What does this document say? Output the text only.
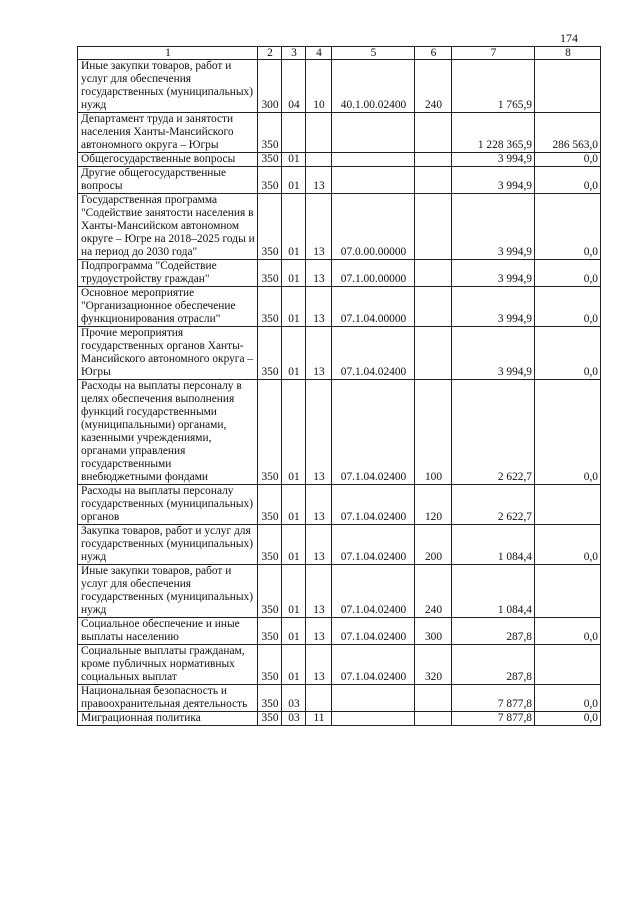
174
1	2	3	4	5	6	7	8
Иные закупки товаров, работ и услуг для обеспечения государственных (муниципальных) нужд	300	04	10	40.1.00.02400	240	1 765,9	
Департамент труда и занятости населения Ханты-Мансийского автономного округа – Югры	350					1 228 365,9	286 563,0
Общегосударственные вопросы	350	01				3 994,9	0,0
Другие общегосударственные вопросы	350	01	13			3 994,9	0,0
Государственная программа "Содействие занятости населения в Ханты-Мансийском автономном округе – Югре на 2018–2025 годы и на период до 2030 года"	350	01	13	07.0.00.00000		3 994,9	0,0
Подпрограмма "Содействие трудоустройству граждан"	350	01	13	07.1.00.00000		3 994,9	0,0
Основное мероприятие "Организационное обеспечение функционирования отрасли"	350	01	13	07.1.04.00000		3 994,9	0,0
Прочие мероприятия государственных органов Ханты-Мансийского автономного округа – Югры	350	01	13	07.1.04.02400		3 994,9	0,0
Расходы на выплаты персоналу в целях обеспечения выполнения функций государственными (муниципальными) органами, казенными учреждениями, органами управления государственными внебюджетными фондами	350	01	13	07.1.04.02400	100	2 622,7	0,0
Расходы на выплаты персоналу государственных (муниципальных) органов	350	01	13	07.1.04.02400	120	2 622,7	
Закупка товаров, работ и услуг для государственных (муниципальных) нужд	350	01	13	07.1.04.02400	200	1 084,4	0,0
Иные закупки товаров, работ и услуг для обеспечения государственных (муниципальных) нужд	350	01	13	07.1.04.02400	240	1 084,4	
Социальное обеспечение и иные выплаты населению	350	01	13	07.1.04.02400	300	287,8	0,0
Социальные выплаты гражданам, кроме публичных нормативных социальных выплат	350	01	13	07.1.04.02400	320	287,8	
Национальная безопасность и правоохранительная деятельность	350	03				7 877,8	0,0
Миграционная политика	350	03	11			7 877,8	0,0
